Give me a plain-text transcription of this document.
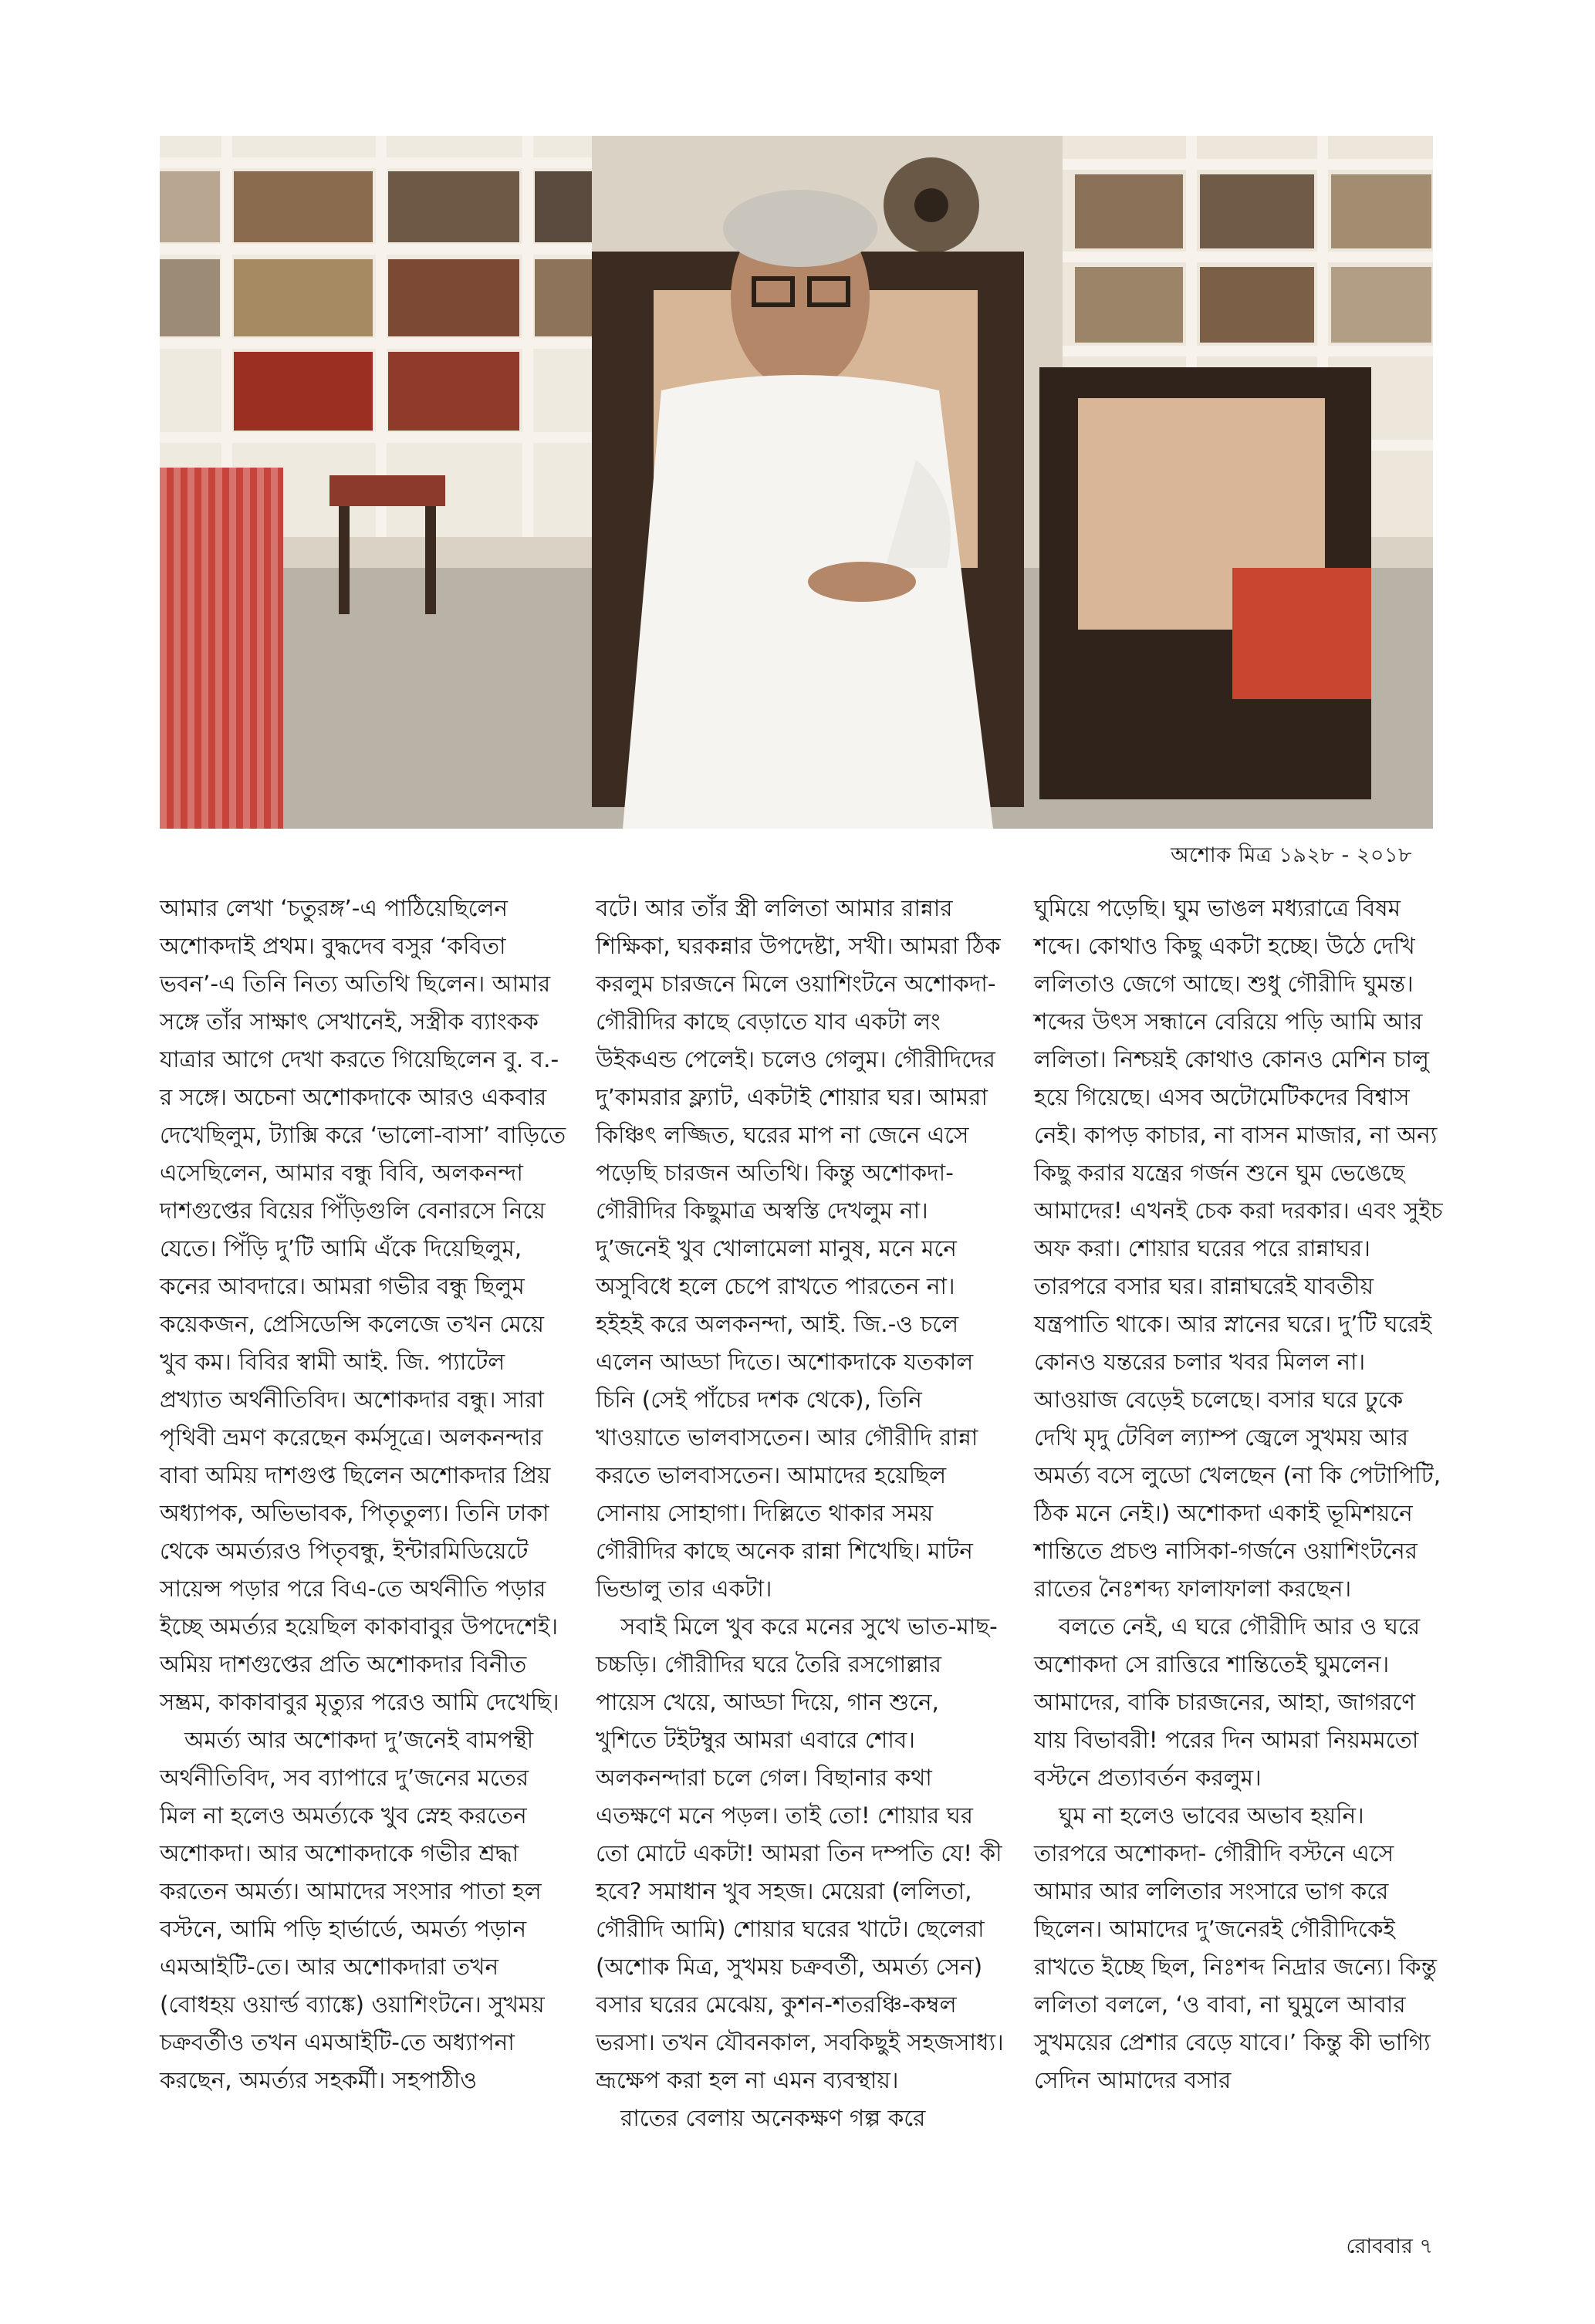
অশোক মিত্র ১৯২৮ - ২০১৮

আমার লেখা ‘চতুরঙ্গ’-এ পাঠিয়েছিলেন অশোকদাই প্রথম। বুদ্ধদেব বসুর ‘কবিতা ভবন’-এ তিনি নিত্য অতিথি ছিলেন। আমার সঙ্গে তাঁর সাক্ষাৎ সেখানেই, সস্ত্রীক ব্যাংকক যাত্রার আগে দেখা করতে গিয়েছিলেন বু. ব.-র সঙ্গে। অচেনা অশোকদাকে আরও একবার দেখেছিলুম, ট্যাক্সি করে ‘ভালো-বাসা’ বাড়িতে এসেছিলেন, আমার বন্ধু বিবি, অলকনন্দা দাশগুপ্তের বিয়ের পিঁড়িগুলি বেনারসে নিয়ে যেতে। পিঁড়ি দু’টি আমি এঁকে দিয়েছিলুম, কনের আবদারে। আমরা গভীর বন্ধু ছিলুম কয়েকজন, প্রেসিডেন্সি কলেজে তখন মেয়ে খুব কম। বিবির স্বামী আই. জি. প্যাটেল প্রখ্যাত অর্থনীতিবিদ। অশোকদার বন্ধু। সারা পৃথিবী ভ্রমণ করেছেন কর্মসূত্রে। অলকনন্দার বাবা অমিয় দাশগুপ্ত ছিলেন অশোকদার প্রিয় অধ্যাপক, অভিভাবক, পিতৃতুল্য। তিনি ঢাকা থেকে অমর্ত্যরও পিতৃবন্ধু, ইন্টারমিডিয়েটে সায়েন্স পড়ার পরে বিএ-তে অর্থনীতি পড়ার ইচ্ছে অমর্ত্যর হয়েছিল কাকাবাবুর উপদেশেই। অমিয় দাশগুপ্তের প্রতি অশোকদার বিনীত সম্ভ্রম, কাকাবাবুর মৃত্যুর পরেও আমি দেখেছি।

অমর্ত্য আর অশোকদা দু’জনেই বামপন্থী অর্থনীতিবিদ, সব ব্যাপারে দু’জনের মতের মিল না হলেও অমর্ত্যকে খুব স্নেহ করতেন অশোকদা। আর অশোকদাকে গভীর শ্রদ্ধা করতেন অমর্ত্য। আমাদের সংসার পাতা হল বস্টনে, আমি পড়ি হার্ভার্ডে, অমর্ত্য পড়ান এমআইটি-তে। আর অশোকদারা তখন (বোধহয় ওয়ার্ল্ড ব্যাঙ্কে) ওয়াশিংটনে। সুখময় চক্রবর্তীও তখন এমআইটি-তে অধ্যাপনা করছেন, অমর্ত্যর সহকর্মী। সহপাঠীও

বটে। আর তাঁর স্ত্রী ললিতা আমার রান্নার শিক্ষিকা, ঘরকন্নার উপদেষ্টা, সখী। আমরা ঠিক করলুম চারজনে মিলে ওয়াশিংটনে অশোকদা-গৌরীদির কাছে বেড়াতে যাব একটা লং উইকএন্ড পেলেই। চলেও গেলুম। গৌরীদিদের দু’কামরার ফ্ল্যাট, একটাই শোয়ার ঘর। আমরা কিঞ্চিৎ লজ্জিত, ঘরের মাপ না জেনে এসে পড়েছি চারজন অতিথি। কিন্তু অশোকদা-গৌরীদির কিছুমাত্র অস্বস্তি দেখলুম না। দু’জনেই খুব খোলামেলা মানুষ, মনে মনে অসুবিধে হলে চেপে রাখতে পারতেন না। হইহই করে অলকনন্দা, আই. জি.-ও চলে এলেন আড্ডা দিতে। অশোকদাকে যতকাল চিনি (সেই পাঁচের দশক থেকে), তিনি খাওয়াতে ভালবাসতেন। আর গৌরীদি রান্না করতে ভালবাসতেন। আমাদের হয়েছিল সোনায় সোহাগা। দিল্লিতে থাকার সময় গৌরীদির কাছে অনেক রান্না শিখেছি। মাটন ভিন্ডালু তার একটা।

সবাই মিলে খুব করে মনের সুখে ভাত-মাছ-চচ্চড়ি। গৌরীদির ঘরে তৈরি রসগোল্লার পায়েস খেয়ে, আড্ডা দিয়ে, গান শুনে, খুশিতে টইটম্বুর আমরা এবারে শোব। অলকনন্দারা চলে গেল। বিছানার কথা এতক্ষণে মনে পড়ল। তাই তো! শোয়ার ঘর তো মোটে একটা! আমরা তিন দম্পতি যে! কী হবে? সমাধান খুব সহজ। মেয়েরা (ললিতা, গৌরীদি আমি) শোয়ার ঘরের খাটে। ছেলেরা (অশোক মিত্র, সুখময় চক্রবর্তী, অমর্ত্য সেন) বসার ঘরের মেঝেয়, কুশন-শতরঞ্চি-কম্বল ভরসা। তখন যৌবনকাল, সবকিছুই সহজসাধ্য। ভ্রূক্ষেপ করা হল না এমন ব্যবস্থায়।

রাতের বেলায় অনেকক্ষণ গল্প করে

ঘুমিয়ে পড়েছি। ঘুম ভাঙল মধ্যরাত্রে বিষম শব্দে। কোথাও কিছু একটা হচ্ছে। উঠে দেখি ললিতাও জেগে আছে। শুধু গৌরীদি ঘুমন্ত। শব্দের উৎস সন্ধানে বেরিয়ে পড়ি আমি আর ললিতা। নিশ্চয়ই কোথাও কোনও মেশিন চালু হয়ে গিয়েছে। এসব অটোমেটিকদের বিশ্বাস নেই। কাপড় কাচার, না বাসন মাজার, না অন্য কিছু করার যন্ত্রের গর্জন শুনে ঘুম ভেঙেছে আমাদের! এখনই চেক করা দরকার। এবং সুইচ অফ করা। শোয়ার ঘরের পরে রান্নাঘর। তারপরে বসার ঘর। রান্নাঘরেই যাবতীয় যন্ত্রপাতি থাকে। আর স্নানের ঘরে। দু’টি ঘরেই কোনও যন্তরের চলার খবর মিলল না। আওয়াজ বেড়েই চলেছে। বসার ঘরে ঢুকে দেখি মৃদু টেবিল ল্যাম্প জ্বেলে সুখময় আর অমর্ত্য বসে লুডো খেলছেন (না কি পেটাপিটি, ঠিক মনে নেই।) অশোকদা একাই ভূমিশয়নে শান্তিতে প্রচণ্ড নাসিকা-গর্জনে ওয়াশিংটনের রাতের নৈঃশব্দ্য ফালাফালা করছেন।

বলতে নেই, এ ঘরে গৌরীদি আর ও ঘরে অশোকদা সে রাত্তিরে শান্তিতেই ঘুমলেন। আমাদের, বাকি চারজনের, আহা, জাগরণে যায় বিভাবরী! পরের দিন আমরা নিয়মমতো বস্টনে প্রত্যাবর্তন করলুম।

ঘুম না হলেও ভাবের অভাব হয়নি। তারপরে অশোকদা- গৌরীদি বস্টনে এসে আমার আর ললিতার সংসারে ভাগ করে ছিলেন। আমাদের দু’জনেরই গৌরীদিকেই রাখতে ইচ্ছে ছিল, নিঃশব্দ নিদ্রার জন্যে। কিন্তু ললিতা বললে, ‘ও বাবা, না ঘুমুলে আবার সুখময়ের প্রেশার বেড়ে যাবে।’ কিন্তু কী ভাগ্যি সেদিন আমাদের বসার

রোববার ৭
